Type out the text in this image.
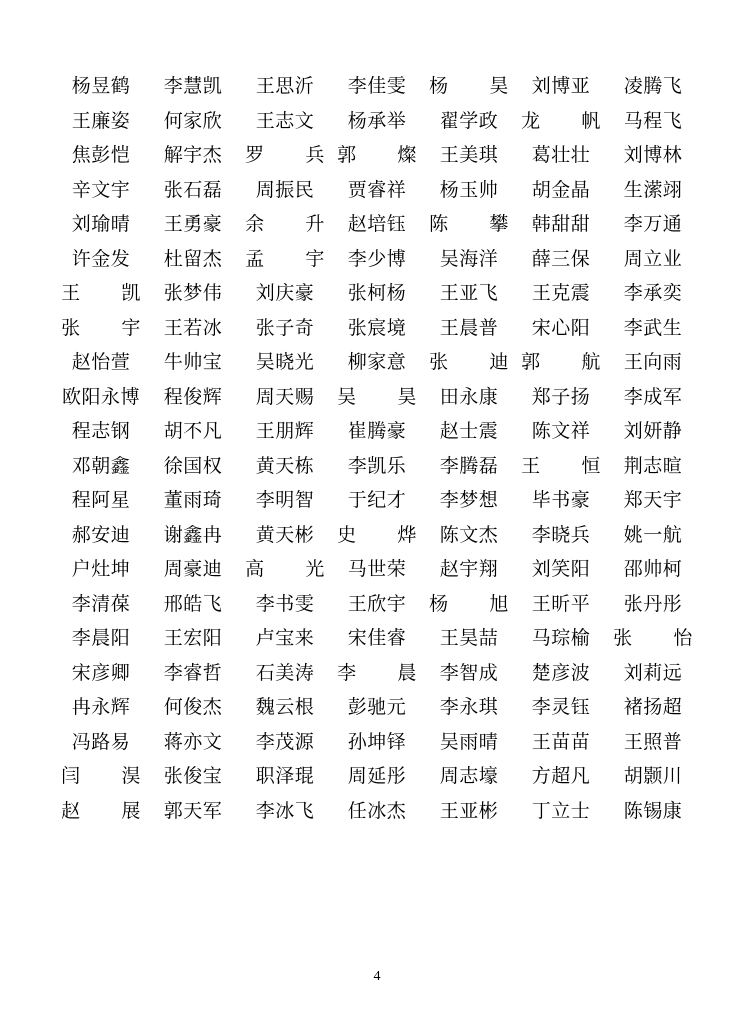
杨昱鹤	李慧凯	王思沂	李佳雯	杨昊	刘博亚	凌腾飞
王廉姿	何家欣	王志文	杨承举	翟学政	龙帆	马程飞
焦彭恺	解宇杰	罗兵	郭燦	王美琪	葛壮壮	刘博林
辛文宇	张石磊	周振民	贾睿祥	杨玉帅	胡金晶	生潆翊
刘瑜晴	王勇豪	余升	赵培钰	陈攀	韩甜甜	李万通
许金发	杜留杰	孟宇	李少博	吴海洋	薛三保	周立业
王凯	张梦伟	刘庆豪	张柯杨	王亚飞	王克震	李承奕
张宇	王若冰	张子奇	张宸境	王晨普	宋心阳	李武生
赵怡萱	牛帅宝	吴晓光	柳家意	张迪	郭航	王向雨
欧阳永博	程俊辉	周天赐	吴昊	田永康	郑子扬	李成军
程志钢	胡不凡	王朋辉	崔腾豪	赵士震	陈文祥	刘妍静
邓朝鑫	徐国权	黄天栋	李凯乐	李腾磊	王恒	荆志暄
程阿星	董雨琦	李明智	于纪才	李梦想	毕书豪	郑天宇
郝安迪	谢鑫冉	黄天彬	史烨	陈文杰	李晓兵	姚一航
户灶坤	周豪迪	高光	马世荣	赵宇翔	刘笑阳	邵帅柯
李清葆	邢皓飞	李书雯	王欣宇	杨旭	王昕平	张丹彤
李晨阳	王宏阳	卢宝来	宋佳睿	王昊喆	马琮榆	张怡
宋彦卿	李睿哲	石美涛	李晨	李智成	楚彦波	刘莉远
冉永辉	何俊杰	魏云根	彭驰元	李永琪	李灵钰	褚扬超
冯路易	蒋亦文	李茂源	孙坤铎	吴雨晴	王苗苗	王照普
闫淏	张俊宝	职泽琨	周延彤	周志壕	方超凡	胡颢川
赵展	郭天军	李冰飞	任冰杰	王亚彬	丁立士	陈锡康
4
